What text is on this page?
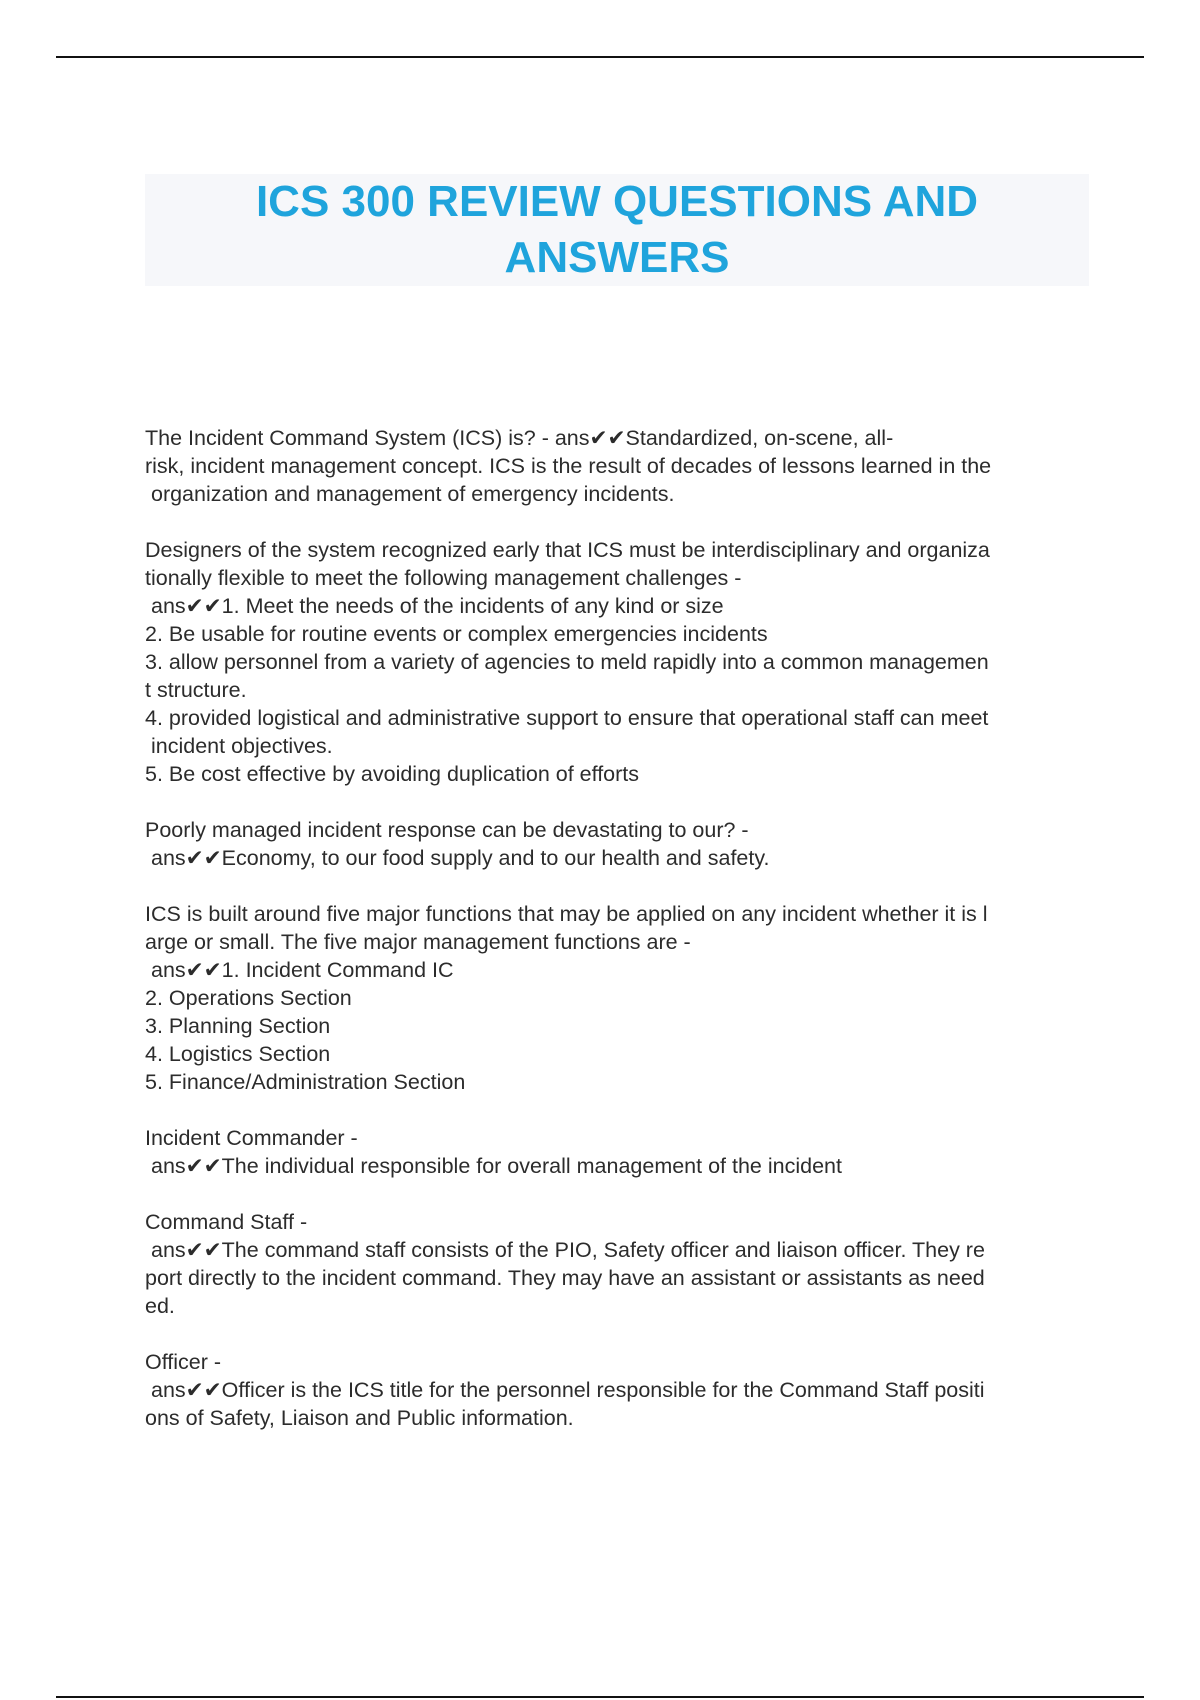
ICS 300 REVIEW QUESTIONS AND ANSWERS

The Incident Command System (ICS) is? - ans✔✔Standardized, on-scene, all-
risk, incident management concept. ICS is the result of decades of lessons learned in the
organization and management of emergency incidents.

Designers of the system recognized early that ICS must be interdisciplinary and organiza
tionally flexible to meet the following management challenges -
ans✔✔1. Meet the needs of the incidents of any kind or size
2. Be usable for routine events or complex emergencies incidents
3. allow personnel from a variety of agencies to meld rapidly into a common managemen
t structure.
4. provided logistical and administrative support to ensure that operational staff can meet
incident objectives.
5. Be cost effective by avoiding duplication of efforts

Poorly managed incident response can be devastating to our? -
ans✔✔Economy, to our food supply and to our health and safety.

ICS is built around five major functions that may be applied on any incident whether it is l
arge or small. The five major management functions are -
ans✔✔1. Incident Command IC
2. Operations Section
3. Planning Section
4. Logistics Section
5. Finance/Administration Section

Incident Commander -
ans✔✔The individual responsible for overall management of the incident

Command Staff -
ans✔✔The command staff consists of the PIO, Safety officer and liaison officer. They re
port directly to the incident command. They may have an assistant or assistants as need
ed.

Officer -
ans✔✔Officer is the ICS title for the personnel responsible for the Command Staff positi
ons of Safety, Liaison and Public information.
